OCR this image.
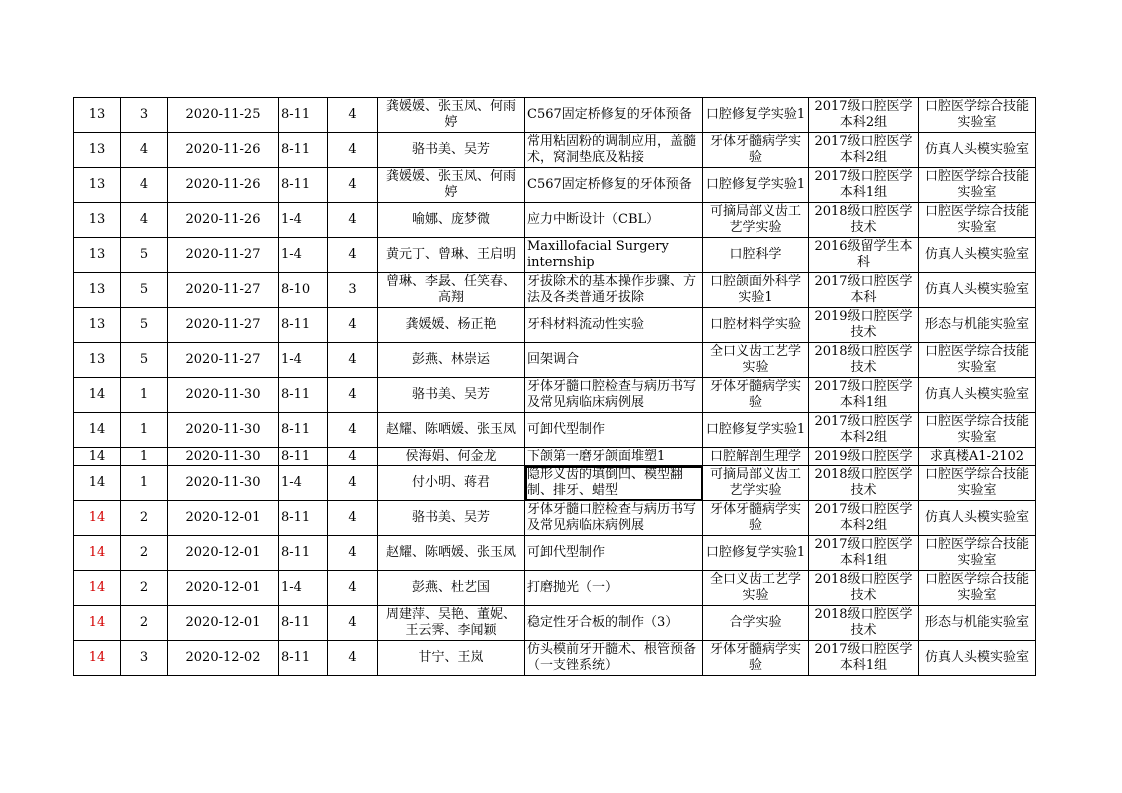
13	3	2020-11-25	8-11	4	龚媛媛、张玉凤、何雨婷	C567固定桥修复的牙体预备	口腔修复学实验1	2017级口腔医学本科2组	口腔医学综合技能实验室

13	4	2020-11-26	8-11	4	骆书美、吴芳	常用粘固粉的调制应用，盖髓术，窝洞垫底及粘接	牙体牙髓病学实验	2017级口腔医学本科2组	仿真人头模实验室

13	4	2020-11-26	8-11	4	龚媛媛、张玉凤、何雨婷	C567固定桥修复的牙体预备	口腔修复学实验1	2017级口腔医学本科1组	口腔医学综合技能实验室

13	4	2020-11-26	1-4	4	喻娜、庞梦微	应力中断设计（CBL）	可摘局部义齿工艺学实验	2018级口腔医学技术	口腔医学综合技能实验室

13	5	2020-11-27	1-4	4	黄元丁、曾琳、王启明	Maxillofacial Surgery internship	口腔科学	2016级留学生本科	仿真人头模实验室

13	5	2020-11-27	8-10	3	曾琳、李晸、任笑春、高翔	牙拔除术的基本操作步骤、方法及各类普通牙拔除	口腔颌面外科学实验1	2017级口腔医学本科	仿真人头模实验室

13	5	2020-11-27	8-11	4	龚媛媛、杨正艳	牙科材料流动性实验	口腔材料学实验	2019级口腔医学技术	形态与机能实验室

13	5	2020-11-27	1-4	4	彭燕、林崇运	回架调合	全口义齿工艺学实验	2018级口腔医学技术	口腔医学综合技能实验室

14	1	2020-11-30	8-11	4	骆书美、吴芳	牙体牙髓口腔检查与病历书写及常见病临床病例展	牙体牙髓病学实验	2017级口腔医学本科1组	仿真人头模实验室

14	1	2020-11-30	8-11	4	赵耀、陈哂媛、张玉凤	可卸代型制作	口腔修复学实验1	2017级口腔医学本科2组	口腔医学综合技能实验室

14	1	2020-11-30	8-11	4	侯海娟、何金龙	下颌第一磨牙颌面堆塑1	口腔解剖生理学	2019级口腔医学	求真楼A1-2102

14	1	2020-11-30	1-4	4	付小明、蒋君	隐形义齿的填倒凹、模型翻制、排牙、蜡型	可摘局部义齿工艺学实验	2018级口腔医学技术	口腔医学综合技能实验室

14	2	2020-12-01	8-11	4	骆书美、吴芳	牙体牙髓口腔检查与病历书写及常见病临床病例展	牙体牙髓病学实验	2017级口腔医学本科2组	仿真人头模实验室

14	2	2020-12-01	8-11	4	赵耀、陈哂媛、张玉凤	可卸代型制作	口腔修复学实验1	2017级口腔医学本科1组	口腔医学综合技能实验室

14	2	2020-12-01	1-4	4	彭燕、杜艺国	打磨抛光（一）	全口义齿工艺学实验	2018级口腔医学技术	口腔医学综合技能实验室

14	2	2020-12-01	8-11	4	周建萍、吴艳、董妮、王云霁、李闻颖	稳定性牙合板的制作（3）	合学实验	2018级口腔医学技术	形态与机能实验室

14	3	2020-12-02	8-11	4	甘宁、王岚	仿头模前牙开髓术、根管预备（一支锉系统）	牙体牙髓病学实验	2017级口腔医学本科1组	仿真人头模实验室
